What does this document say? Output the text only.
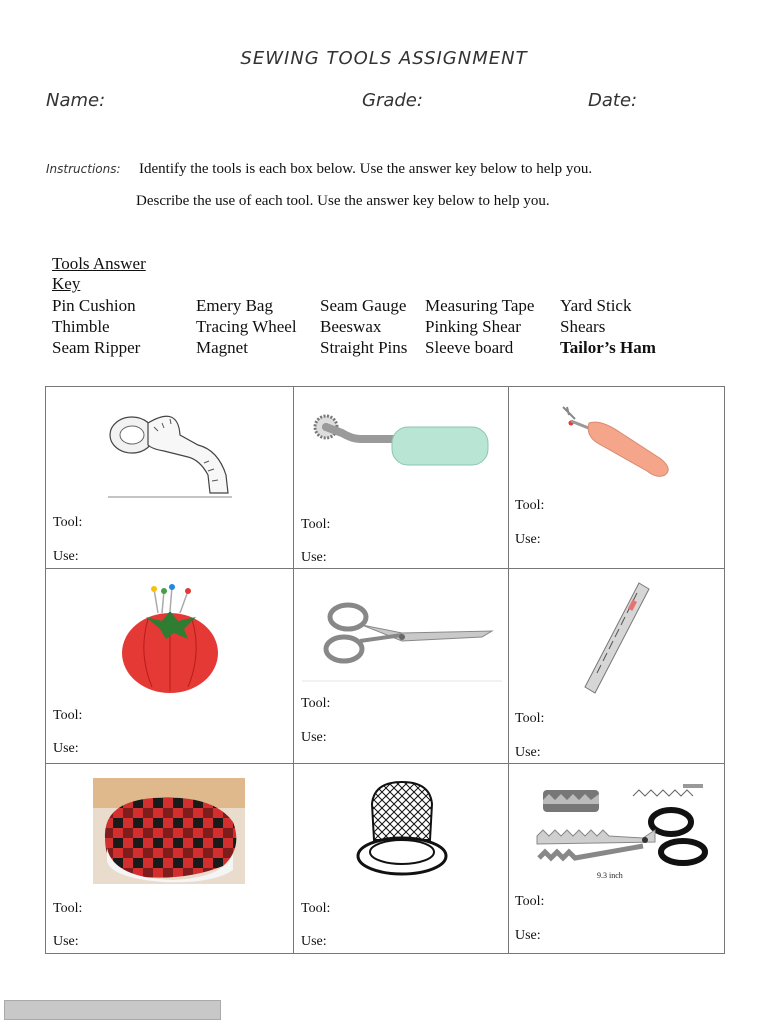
SEWING TOOLS ASSIGNMENT
Name:	Grade:	Date:
Instructions: Identify the tools is each box below. Use the answer key below to help you.
Describe the use of each tool. Use the answer key below to help you.
Tools Answer Key
Pin Cushion
Thimble
Seam Ripper
Emery Bag
Tracing Wheel
Magnet
Seam Gauge
Beeswax
Straight Pins
Measuring Tape
Pinking Shear
Sleeve board
Yard Stick
Shears
Tailor’s Ham
Tool:
Use:
Tool:
Use:
Tool:
Use:
Tool:
Use:
Tool:
Use:
Tool:
Use:
Tool:
Use:
Tool:
Use:
9.3 inch
Tool:
Use:
